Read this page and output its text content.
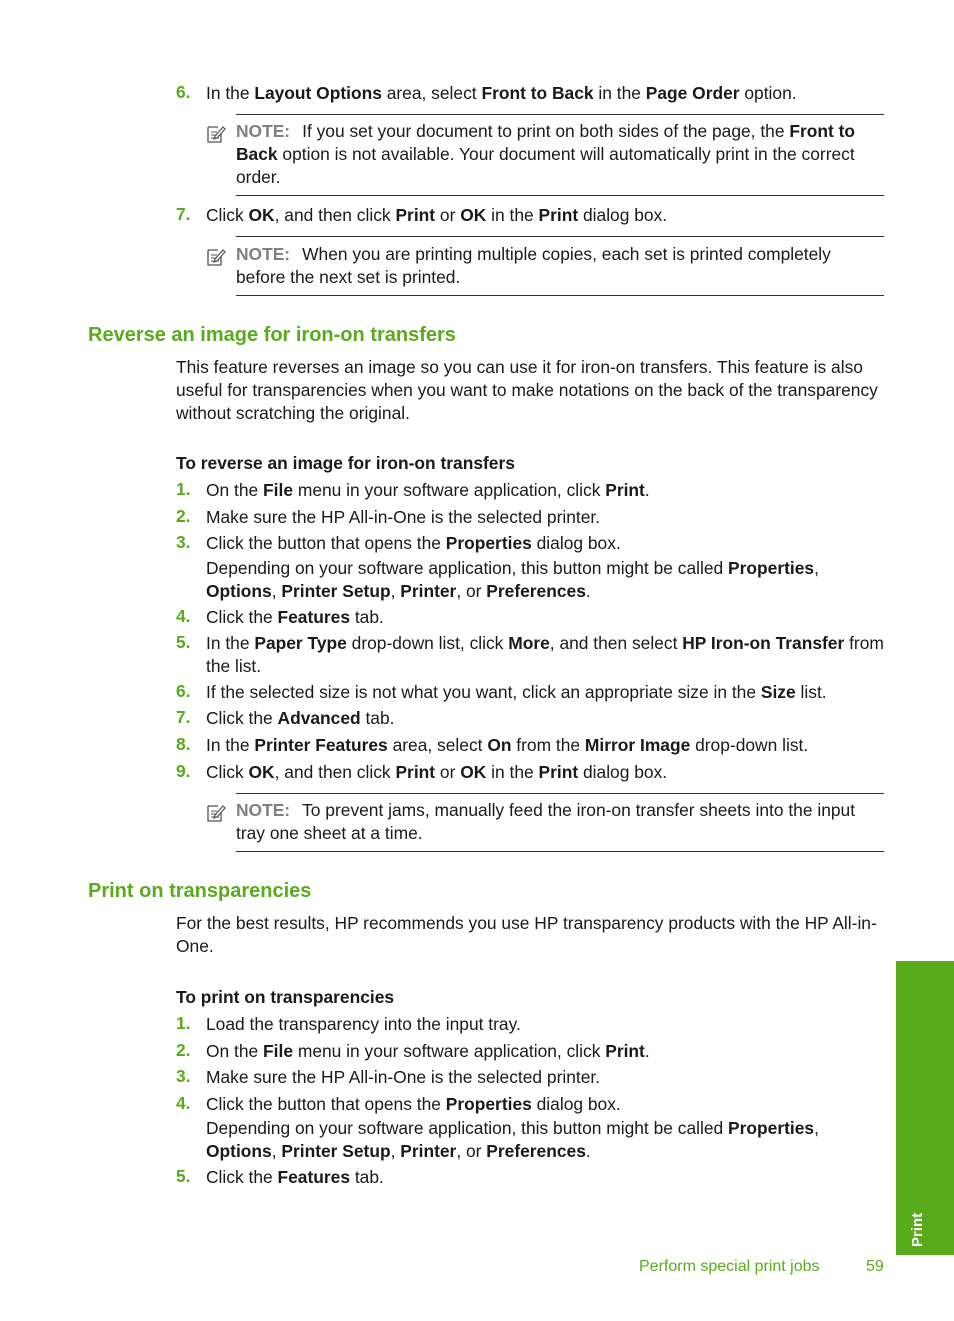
6. In the Layout Options area, select Front to Back in the Page Order option.
NOTE: If you set your document to print on both sides of the page, the Front to Back option is not available. Your document will automatically print in the correct order.
7. Click OK, and then click Print or OK in the Print dialog box.
NOTE: When you are printing multiple copies, each set is printed completely before the next set is printed.
Reverse an image for iron-on transfers
This feature reverses an image so you can use it for iron-on transfers. This feature is also useful for transparencies when you want to make notations on the back of the transparency without scratching the original.
To reverse an image for iron-on transfers
1. On the File menu in your software application, click Print.
2. Make sure the HP All-in-One is the selected printer.
3. Click the button that opens the Properties dialog box.

Depending on your software application, this button might be called Properties, Options, Printer Setup, Printer, or Preferences.
4. Click the Features tab.
5. In the Paper Type drop-down list, click More, and then select HP Iron-on Transfer from the list.
6. If the selected size is not what you want, click an appropriate size in the Size list.
7. Click the Advanced tab.
8. In the Printer Features area, select On from the Mirror Image drop-down list.
9. Click OK, and then click Print or OK in the Print dialog box.
NOTE: To prevent jams, manually feed the iron-on transfer sheets into the input tray one sheet at a time.
Print on transparencies
For the best results, HP recommends you use HP transparency products with the HP All-in-One.
To print on transparencies
1. Load the transparency into the input tray.
2. On the File menu in your software application, click Print.
3. Make sure the HP All-in-One is the selected printer.
4. Click the button that opens the Properties dialog box.

Depending on your software application, this button might be called Properties, Options, Printer Setup, Printer, or Preferences.
5. Click the Features tab.
Print
Perform special print jobs	59
